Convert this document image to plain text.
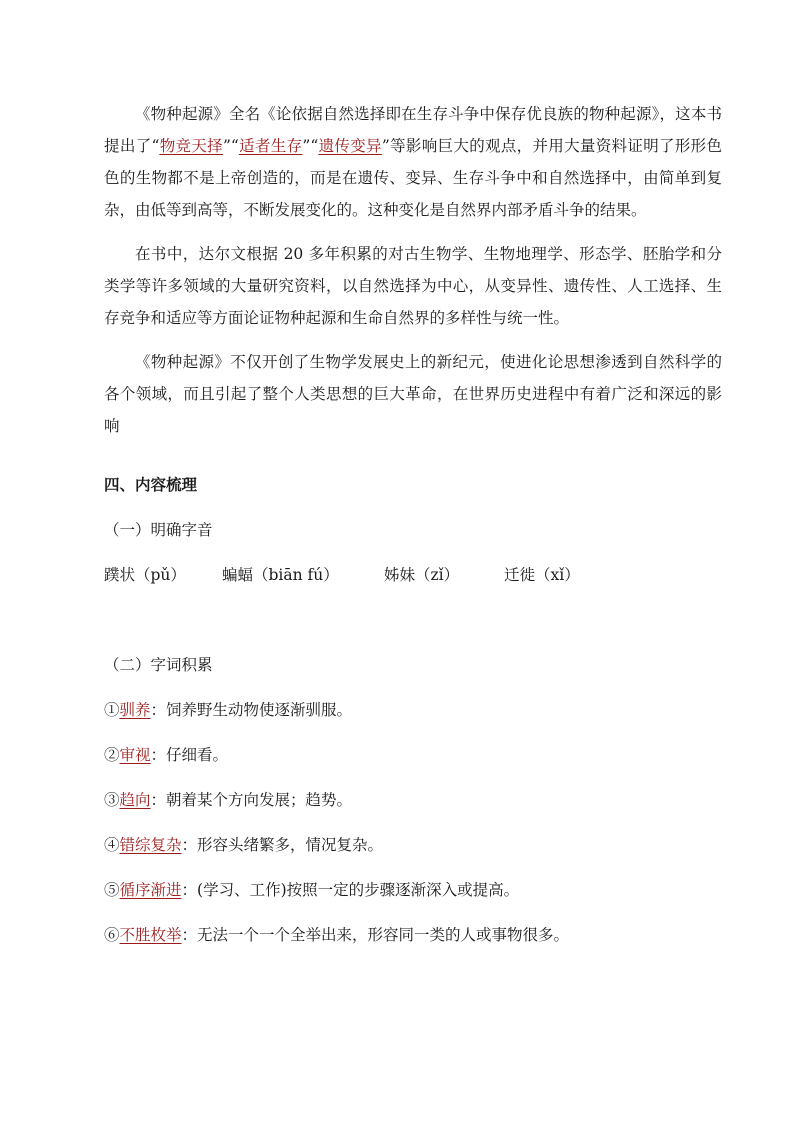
《物种起源》全名《论依据自然选择即在生存斗争中保存优良族的物种起源》，这本书提出了“物竞天择”“适者生存”“遗传变异”等影响巨大的观点，并用大量资料证明了形形色色的生物都不是上帝创造的，而是在遗传、变异、生存斗争中和自然选择中，由简单到复杂，由低等到高等，不断发展变化的。这种变化是自然界内部矛盾斗争的结果。

在书中，达尔文根据 20 多年积累的对古生物学、生物地理学、形态学、胚胎学和分类学等许多领域的大量研究资料，以自然选择为中心，从变异性、遗传性、人工选择、生存竞争和适应等方面论证物种起源和生命自然界的多样性与统一性。

《物种起源》不仅开创了生物学发展史上的新纪元，使进化论思想渗透到自然科学的各个领域，而且引起了整个人类思想的巨大革命，在世界历史进程中有着广泛和深远的影响

四、内容梳理

（一）明确字音

蹼状（pǔ） 蝙蝠（biān fú）	姊妹（zǐ）	迁徙（xǐ）

（二）字词积累

①驯养：饲养野生动物使逐渐驯服。

②审视：仔细看。

③趋向：朝着某个方向发展；趋势。

④错综复杂：形容头绪繁多，情况复杂。

⑤循序渐进：(学习、工作)按照一定的步骤逐渐深入或提高。

⑥不胜枚举：无法一个一个全举出来，形容同一类的人或事物很多。
